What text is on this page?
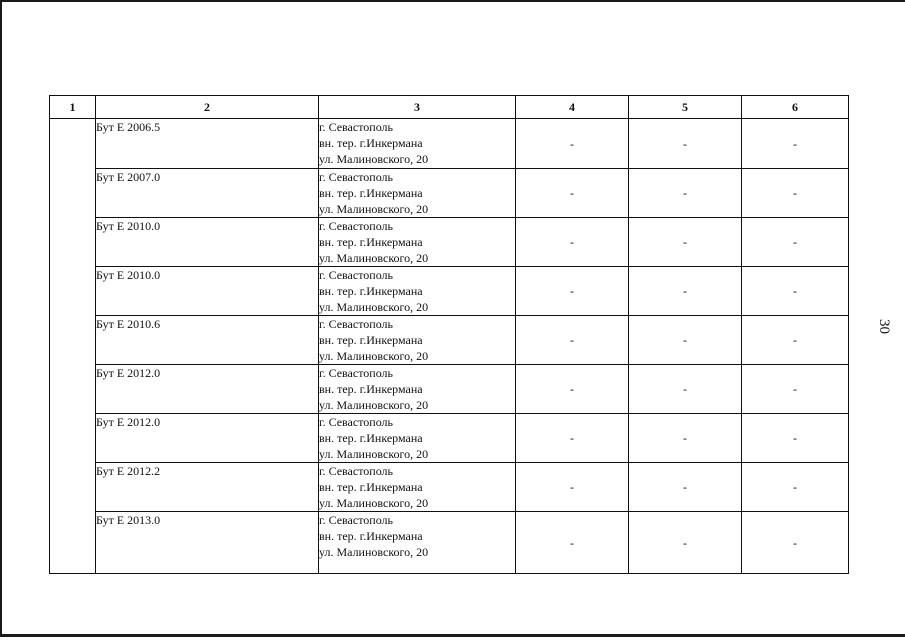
1	2	3	4	5	6
	Бут Е 2006.5	г. Севастополь
вн. тер. г.Инкермана
ул. Малиновского, 20	-	-	-
	Бут Е 2007.0	г. Севастополь
вн. тер. г.Инкермана
ул. Малиновского, 20	-	-	-
	Бут Е 2010.0	г. Севастополь
вн. тер. г.Инкермана
ул. Малиновского, 20	-	-	-
	Бут Е 2010.0	г. Севастополь
вн. тер. г.Инкермана
ул. Малиновского, 20	-	-	-
	Бут Е 2010.6	г. Севастополь
вн. тер. г.Инкермана
ул. Малиновского, 20	-	-	-
	Бут Е 2012.0	г. Севастополь
вн. тер. г.Инкермана
ул. Малиновского, 20	-	-	-
	Бут Е 2012.0	г. Севастополь
вн. тер. г.Инкермана
ул. Малиновского, 20	-	-	-
	Бут Е 2012.2	г. Севастополь
вн. тер. г.Инкермана
ул. Малиновского, 20	-	-	-
	Бут Е 2013.0	г. Севастополь
вн. тер. г.Инкермана
ул. Малиновского, 20	-	-	-
30
